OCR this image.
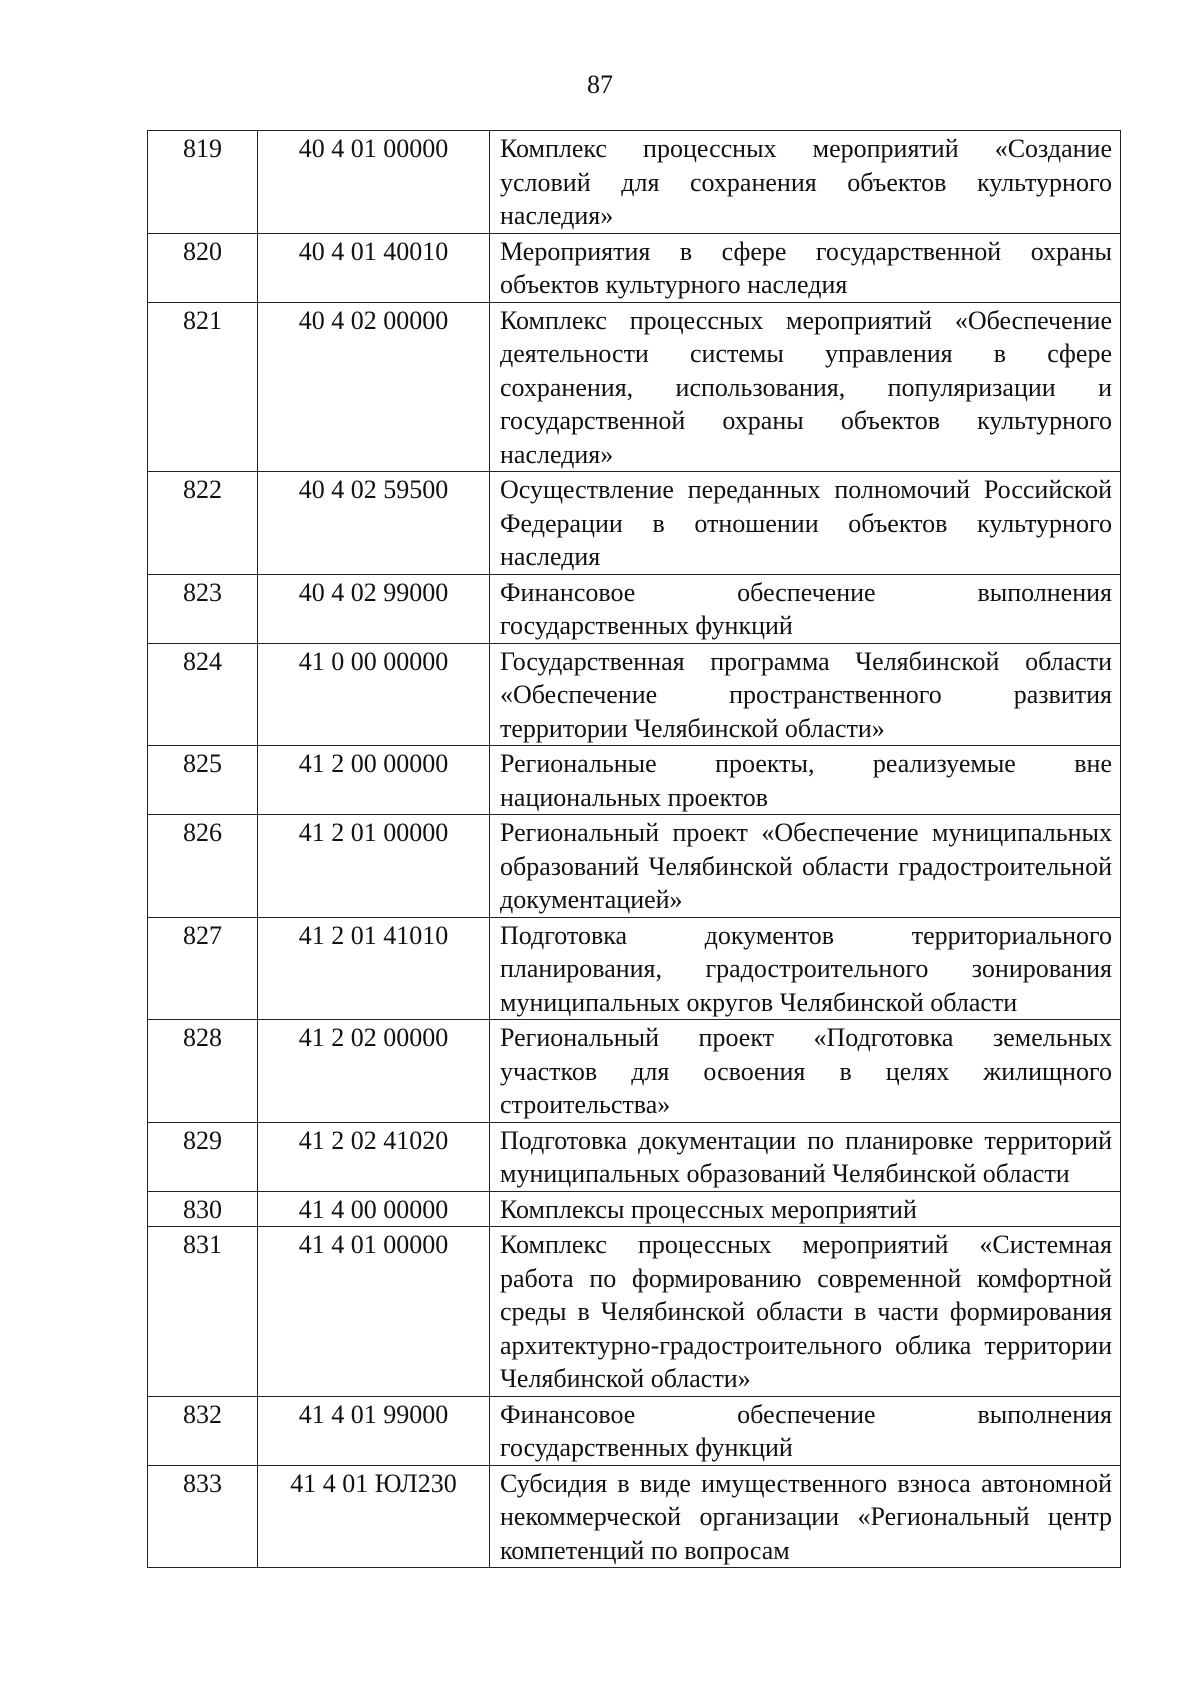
87
819	40 4 01 00000	Комплекс процессных мероприятий «Создание условий для сохранения объектов культурного наследия»
820	40 4 01 40010	Мероприятия в сфере государственной охраны объектов культурного наследия
821	40 4 02 00000	Комплекс процессных мероприятий «Обеспечение деятельности системы управления в сфере сохранения, использования, популяризации и государственной охраны объектов культурного наследия»
822	40 4 02 59500	Осуществление переданных полномочий Российской Федерации в отношении объектов культурного наследия
823	40 4 02 99000	Финансовое обеспечение выполнения государственных функций
824	41 0 00 00000	Государственная программа Челябинской области «Обеспечение пространственного развития территории Челябинской области»
825	41 2 00 00000	Региональные проекты, реализуемые вне национальных проектов
826	41 2 01 00000	Региональный проект «Обеспечение муниципальных образований Челябинской области градостроительной документацией»
827	41 2 01 41010	Подготовка документов территориального планирования, градостроительного зонирования муниципальных округов Челябинской области
828	41 2 02 00000	Региональный проект «Подготовка земельных участков для освоения в целях жилищного строительства»
829	41 2 02 41020	Подготовка документации по планировке территорий муниципальных образований Челябинской области
830	41 4 00 00000	Комплексы процессных мероприятий
831	41 4 01 00000	Комплекс процессных мероприятий «Системная работа по формированию современной комфортной среды в Челябинской области в части формирования архитектурно-градостроительного облика территории Челябинской области»
832	41 4 01 99000	Финансовое обеспечение выполнения государственных функций
833	41 4 01 ЮЛ230	Субсидия в виде имущественного взноса автономной некоммерческой организации «Региональный центр компетенций по вопросам
